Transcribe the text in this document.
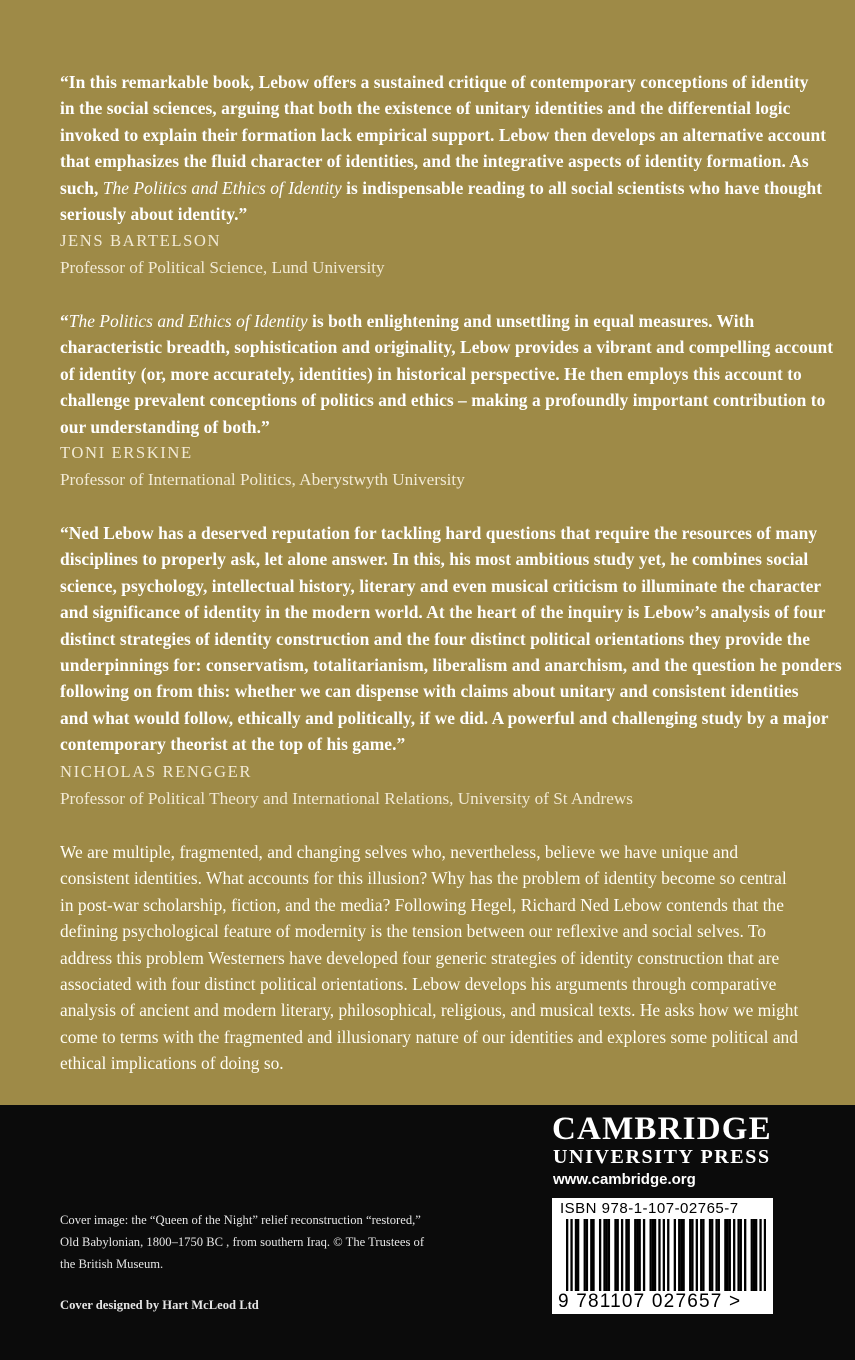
“In this remarkable book, Lebow offers a sustained critique of contemporary conceptions of identity
in the social sciences, arguing that both the existence of unitary identities and the differential logic
invoked to explain their formation lack empirical support. Lebow then develops an alternative account
that emphasizes the fluid character of identities, and the integrative aspects of identity formation. As
such, The Politics and Ethics of Identity is indispensable reading to all social scientists who have thought
seriously about identity.”
JENS BARTELSON
Professor of Political Science, Lund University
“The Politics and Ethics of Identity is both enlightening and unsettling in equal measures. With
characteristic breadth, sophistication and originality, Lebow provides a vibrant and compelling account
of identity (or, more accurately, identities) in historical perspective. He then employs this account to
challenge prevalent conceptions of politics and ethics – making a profoundly important contribution to
our understanding of both.”
TONI ERSKINE
Professor of International Politics, Aberystwyth University
“Ned Lebow has a deserved reputation for tackling hard questions that require the resources of many
disciplines to properly ask, let alone answer. In this, his most ambitious study yet, he combines social
science, psychology, intellectual history, literary and even musical criticism to illuminate the character
and significance of identity in the modern world. At the heart of the inquiry is Lebow’s analysis of four
distinct strategies of identity construction and the four distinct political orientations they provide the
underpinnings for: conservatism, totalitarianism, liberalism and anarchism, and the question he ponders
following on from this: whether we can dispense with claims about unitary and consistent identities
and what would follow, ethically and politically, if we did. A powerful and challenging study by a major
contemporary theorist at the top of his game.”
NICHOLAS RENGGER
Professor of Political Theory and International Relations, University of St Andrews
We are multiple, fragmented, and changing selves who, nevertheless, believe we have unique and
consistent identities. What accounts for this illusion? Why has the problem of identity become so central
in post-war scholarship, fiction, and the media? Following Hegel, Richard Ned Lebow contends that the
defining psychological feature of modernity is the tension between our reflexive and social selves. To
address this problem Westerners have developed four generic strategies of identity construction that are
associated with four distinct political orientations. Lebow develops his arguments through comparative
analysis of ancient and modern literary, philosophical, religious, and musical texts. He asks how we might
come to terms with the fragmented and illusionary nature of our identities and explores some political and
ethical implications of doing so.
Cover image: the “Queen of the Night” relief reconstruction “restored,”
Old Babylonian, 1800–1750 BC , from southern Iraq. © The Trustees of
the British Museum.
Cover designed by Hart McLeod Ltd
CAMBRIDGE
UNIVERSITY PRESS
www.cambridge.org
ISBN 978-1-107-02765-7
9 781107 027657 >
